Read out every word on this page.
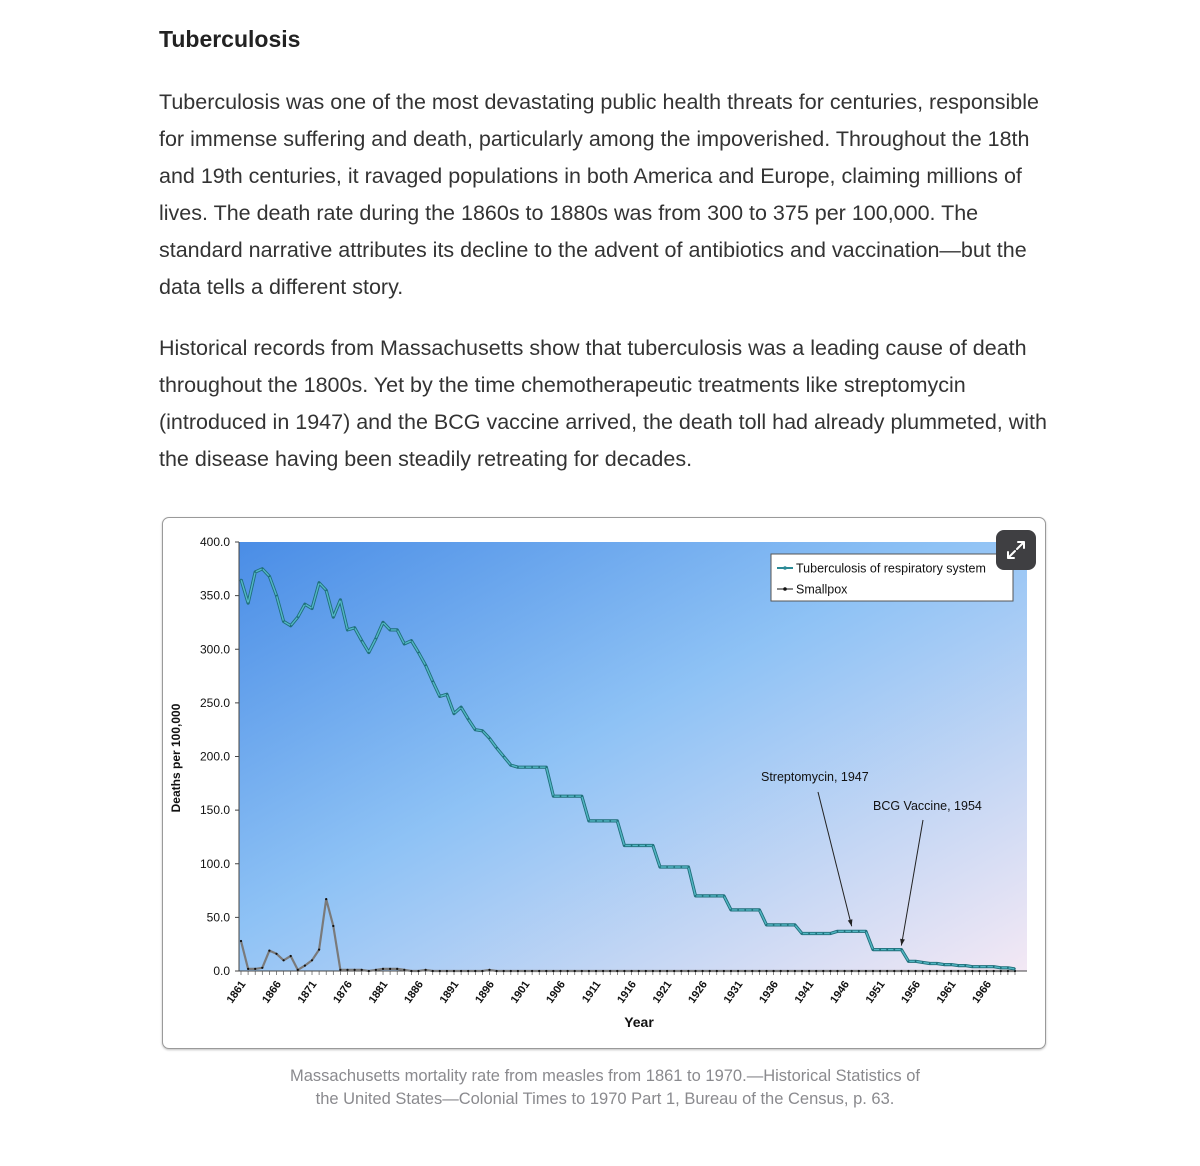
Tuberculosis

Tuberculosis was one of the most devastating public health threats for centuries, responsible for immense suffering and death, particularly among the impoverished. Throughout the 18th and 19th centuries, it ravaged populations in both America and Europe, claiming millions of lives. The death rate during the 1860s to 1880s was from 300 to 375 per 100,000. The standard narrative attributes its decline to the advent of antibiotics and vaccination—but the data tells a different story.

Historical records from Massachusetts show that tuberculosis was a leading cause of death throughout the 1800s. Yet by the time chemotherapeutic treatments like streptomycin (introduced in 1947) and the BCG vaccine arrived, the death toll had already plummeted, with the disease having been steadily retreating for decades.

0.0
50.0
100.0
150.0
200.0
250.0
300.0
350.0
400.0
1861 1866 1871 1876 1881 1886 1891 1896 1901 1906 1911 1916 1921 1926 1931 1936 1941 1946 1951 1956 1961 1966
Streptomycin, 1947
BCG Vaccine, 1954
Tuberculosis of respiratory system
Smallpox
Deaths per 100,000
Year

Massachusetts mortality rate from measles from 1861 to 1970.—Historical Statistics of the United States—Colonial Times to 1970 Part 1, Bureau of the Census, p. 63.
